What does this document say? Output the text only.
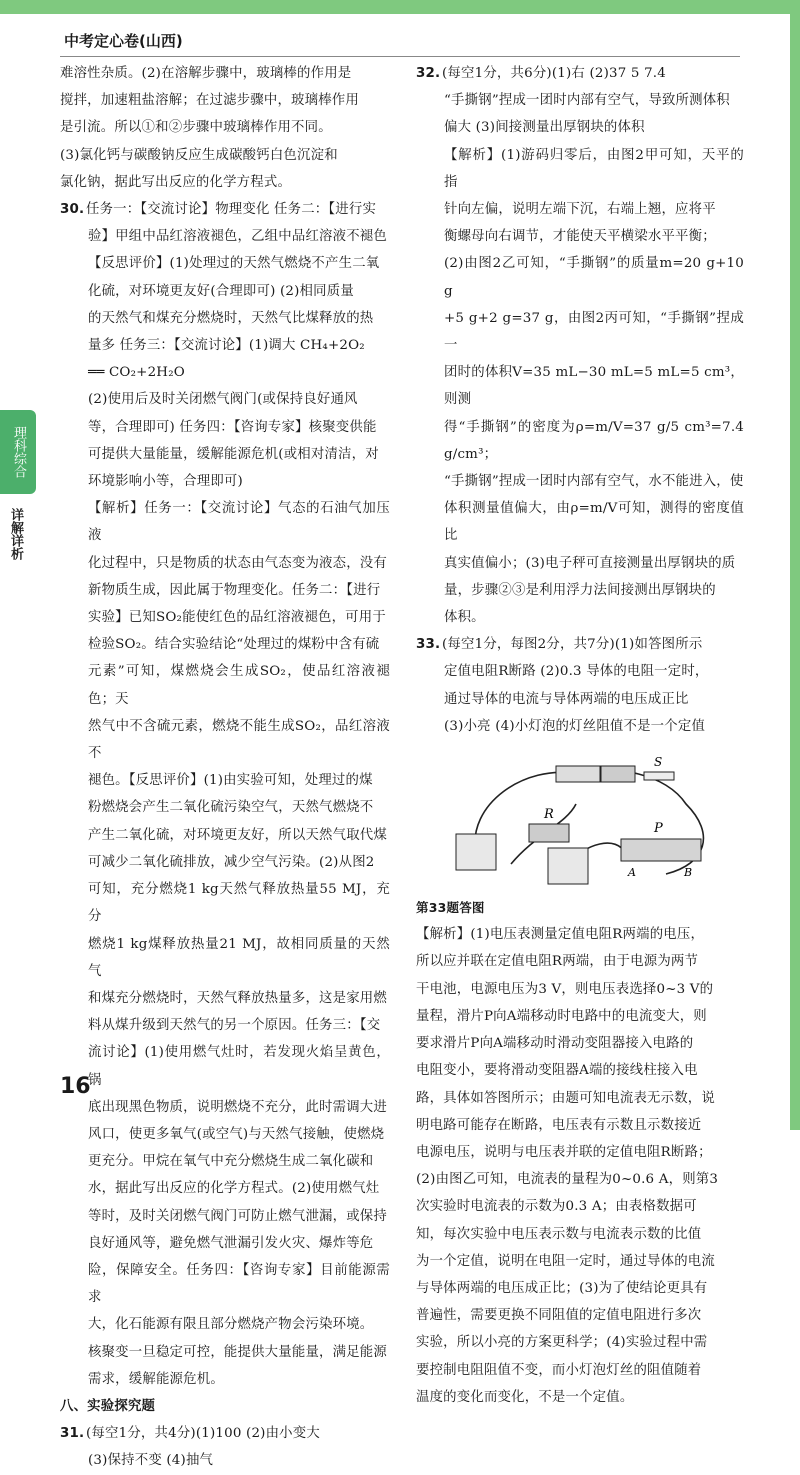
中考定心卷(山西)
理科综合
详解详析

难溶性杂质。(2)在溶解步骤中，玻璃棒的作用是

搅拌，加速粗盐溶解；在过滤步骤中，玻璃棒作用

是引流。所以①和②步骤中玻璃棒作用不同。

(3)氯化钙与碳酸钠反应生成碳酸钙白色沉淀和

氯化钠，据此写出反应的化学方程式。

30. 任务一：【交流讨论】物理变化 任务二：【进行实

验】甲组中品红溶液褪色，乙组中品红溶液不褪色

【反思评价】(1)处理过的天然气燃烧不产生二氧

化硫，对环境更友好(合理即可) (2)相同质量

的天然气和煤充分燃烧时，天然气比煤释放的热

量多 任务三：【交流讨论】(1)调大 CH₄+2O₂

══ CO₂+2H₂O

(2)使用后及时关闭燃气阀门(或保持良好通风

等，合理即可) 任务四：【咨询专家】核聚变供能

可提供大量能量，缓解能源危机(或相对清洁，对

环境影响小等，合理即可)

【解析】任务一：【交流讨论】气态的石油气加压液

化过程中，只是物质的状态由气态变为液态，没有

新物质生成，因此属于物理变化。任务二：【进行

实验】已知SO₂能使红色的品红溶液褪色，可用于

检验SO₂。结合实验结论“处理过的煤粉中含有硫

元素”可知，煤燃烧会生成SO₂，使品红溶液褪色；天

然气中不含硫元素，燃烧不能生成SO₂，品红溶液不

褪色。【反思评价】(1)由实验可知，处理过的煤

粉燃烧会产生二氧化硫污染空气，天然气燃烧不

产生二氧化硫，对环境更友好，所以天然气取代煤

可减少二氧化硫排放，减少空气污染。(2)从图2

可知，充分燃烧1 kg天然气释放热量55 MJ，充分

燃烧1 kg煤释放热量21 MJ，故相同质量的天然气

和煤充分燃烧时，天然气释放热量多，这是家用燃

料从煤升级到天然气的另一个原因。任务三：【交

流讨论】(1)使用燃气灶时，若发现火焰呈黄色，锅

底出现黑色物质，说明燃烧不充分，此时需调大进

风口，使更多氧气(或空气)与天然气接触，使燃烧

更充分。甲烷在氧气中充分燃烧生成二氧化碳和

水，据此写出反应的化学方程式。(2)使用燃气灶

等时，及时关闭燃气阀门可防止燃气泄漏，或保持

良好通风等，避免燃气泄漏引发火灾、爆炸等危

险，保障安全。任务四：【咨询专家】目前能源需求

大，化石能源有限且部分燃烧产物会污染环境。

核聚变一旦稳定可控，能提供大量能量，满足能源

需求，缓解能源危机。

八、实验探究题

31. (每空1分，共4分)(1)100 (2)由小变大

(3)保持不变 (4)抽气

32. (每空1分，共6分)(1)右 (2)37 5 7.4

“手撕钢”捏成一团时内部有空气，导致所测体积

偏大 (3)间接测量出厚钢块的体积

【解析】(1)游码归零后，由图2甲可知，天平的指

针向左偏，说明左端下沉，右端上翘，应将平

衡螺母向右调节，才能使天平横梁水平平衡；

(2)由图2乙可知，“手撕钢”的质量m=20 g+10 g

+5 g+2 g=37 g，由图2丙可知，“手撕钢”捏成一

团时的体积V=35 mL−30 mL=5 mL=5 cm³，则测

得“手撕钢”的密度为ρ=m/V=37 g/5 cm³=7.4 g/cm³；

“手撕钢”捏成一团时内部有空气，水不能进入，使

体积测量值偏大，由ρ=m/V可知，测得的密度值比

真实值偏小；(3)电子秤可直接测量出厚钢块的质

量，步骤②③是利用浮力法间接测出厚钢块的

体积。

33. (每空1分，每图2分，共7分)(1)如答图所示

定值电阻R断路 (2)0.3 导体的电阻一定时，

通过导体的电流与导体两端的电压成正比

(3)小亮 (4)小灯泡的灯丝阻值不是一个定值

S
R
P
A	B

第33题答图

【解析】(1)电压表测量定值电阻R两端的电压，

所以应并联在定值电阻R两端，由于电源为两节

干电池，电源电压为3 V，则电压表选择0~3 V的

量程，滑片P向A端移动时电路中的电流变大，则

要求滑片P向A端移动时滑动变阻器接入电路的

电阻变小，要将滑动变阻器A端的接线柱接入电

路，具体如答图所示；由题可知电流表无示数，说

明电路可能存在断路，电压表有示数且示数接近

电源电压，说明与电压表并联的定值电阻R断路；

(2)由图乙可知，电流表的量程为0~0.6 A，则第3

次实验时电流表的示数为0.3 A；由表格数据可

知，每次实验中电压表示数与电流表示数的比值

为一个定值，说明在电阻一定时，通过导体的电流

与导体两端的电压成正比；(3)为了使结论更具有

普遍性，需要更换不同阻值的定值电阻进行多次

实验，所以小亮的方案更科学；(4)实验过程中需

要控制电阻阻值不变，而小灯泡灯丝的阻值随着

温度的变化而变化，不是一个定值。

16
